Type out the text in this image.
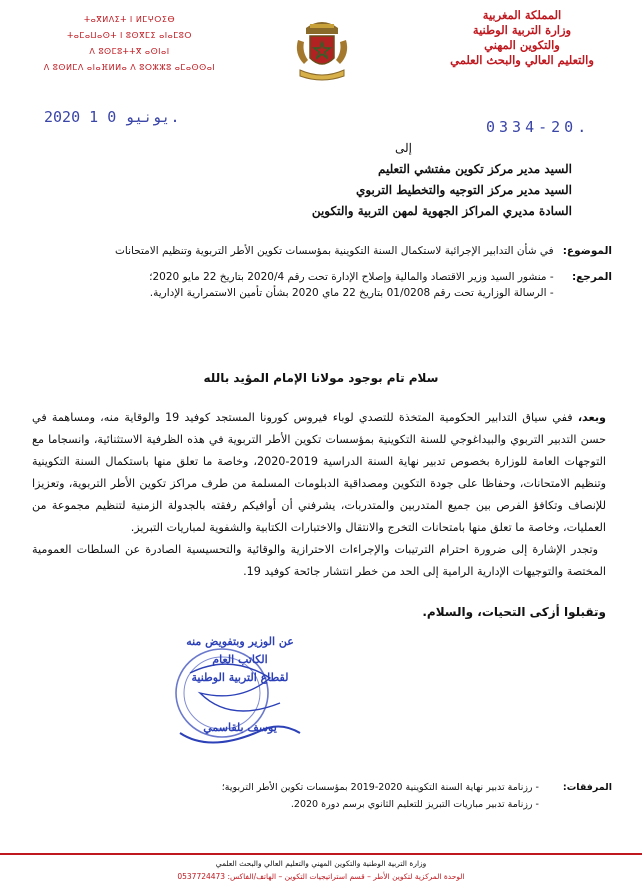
المملكة المغربية
وزارة التربية الوطنية
والتكوين المهني
والتعليم العالي والبحث العلمي
ⵜⴰⴳⵍⴷⵉⵜ ⵏ ⵍⵎⵖⵔⵉⴱ
ⵜⴰⵎⴰⵡⴰⵙⵜ ⵏ ⵓⵙⴳⵎⵉ ⴰⵏⴰⵎⵓⵔ
ⴷ ⵓⵙⵎⵓⵜⵜⴳ ⴰⵙⵏⴰⵏ
ⴷ ⵓⵙⵍⵎⴷ ⴰⵏⴰⴼⵍⵍⴰ ⴷ ⵓⵔⵣⵣⵓ ⴰⵎⴰⵙⵙⴰⵏ
2020 يونيو 0 1.
0334-20.
إلى
السيد مدير مركز تكوين مفتشي التعليم
السيد مدير مركز التوجيه والتخطيط التربوي
السادة مديري المراكز الجهوية لمهن التربية والتكوين
الموضوع: في شأن التدابير الإجرائية لاستكمال السنة التكوينية بمؤسسات تكوين الأطر التربوية وتنظيم الامتحانات
المرجع:
- منشور السيد وزير الاقتصاد والمالية وإصلاح الإدارة تحت رقم 2020/4 بتاريخ 22 مايو 2020؛
- الرسالة الوزارية تحت رقم 01/0208 بتاريخ 22 ماي 2020 بشأن تأمين الاستمرارية الإدارية.
سلام تام بوجود مولانا الإمام المؤيد بالله

وبعد، ففي سياق التدابير الحكومية المتخذة للتصدي لوباء فيروس كورونا المستجد كوفيد 19 والوقاية منه، ومساهمة في حسن التدبير التربوي والبيداغوجي للسنة التكوينية بمؤسسات تكوين الأطر التربوية في هذه الظرفية الاستثنائية، وانسجاما مع التوجهات العامة للوزارة بخصوص تدبير نهاية السنة الدراسية 2019-2020، وخاصة ما تعلق منها باستكمال السنة التكوينية وتنظيم الامتحانات، وحفاظا على جودة التكوين ومصداقية الدبلومات المسلمة من طرف مراكز تكوين الأطر التربوية، وتعزيزا للإنصاف وتكافؤ الفرص بين جميع المتدربين والمتدربات، يشرفني أن أوافيكم رفقته بالجدولة الزمنية لتنظيم مجموعة من العمليات، وخاصة ما تعلق منها بامتحانات التخرج والانتقال والاختبارات الكتابية والشفوية لمباريات التبريز.

وتجدر الإشارة إلى ضرورة احترام الترتيبات والإجراءات الاحترازية والوقائية والتحسيسية الصادرة عن السلطات العمومية المختصة والتوجيهات الإدارية الرامية إلى الحد من خطر انتشار جائحة كوفيد 19.

وتقبلوا أزكى التحيات، والسلام.
عن الوزير وبتفويض منه
الكاتب العام
لقطاع التربية الوطنية
يوسف بلقاسمي
المرفقات:
- رزنامة تدبير نهاية السنة التكوينية 2020-2019 بمؤسسات تكوين الأطر التربوية؛
- رزنامة تدبير مباريات التبريز للتعليم الثانوي برسم دورة 2020.
وزارة التربية الوطنية والتكوين المهني والتعليم العالي والبحث العلمي
الوحدة المركزية لتكوين الأطر – قسم استراتيجيات التكوين – الهاتف/الفاكس: 0537724473
